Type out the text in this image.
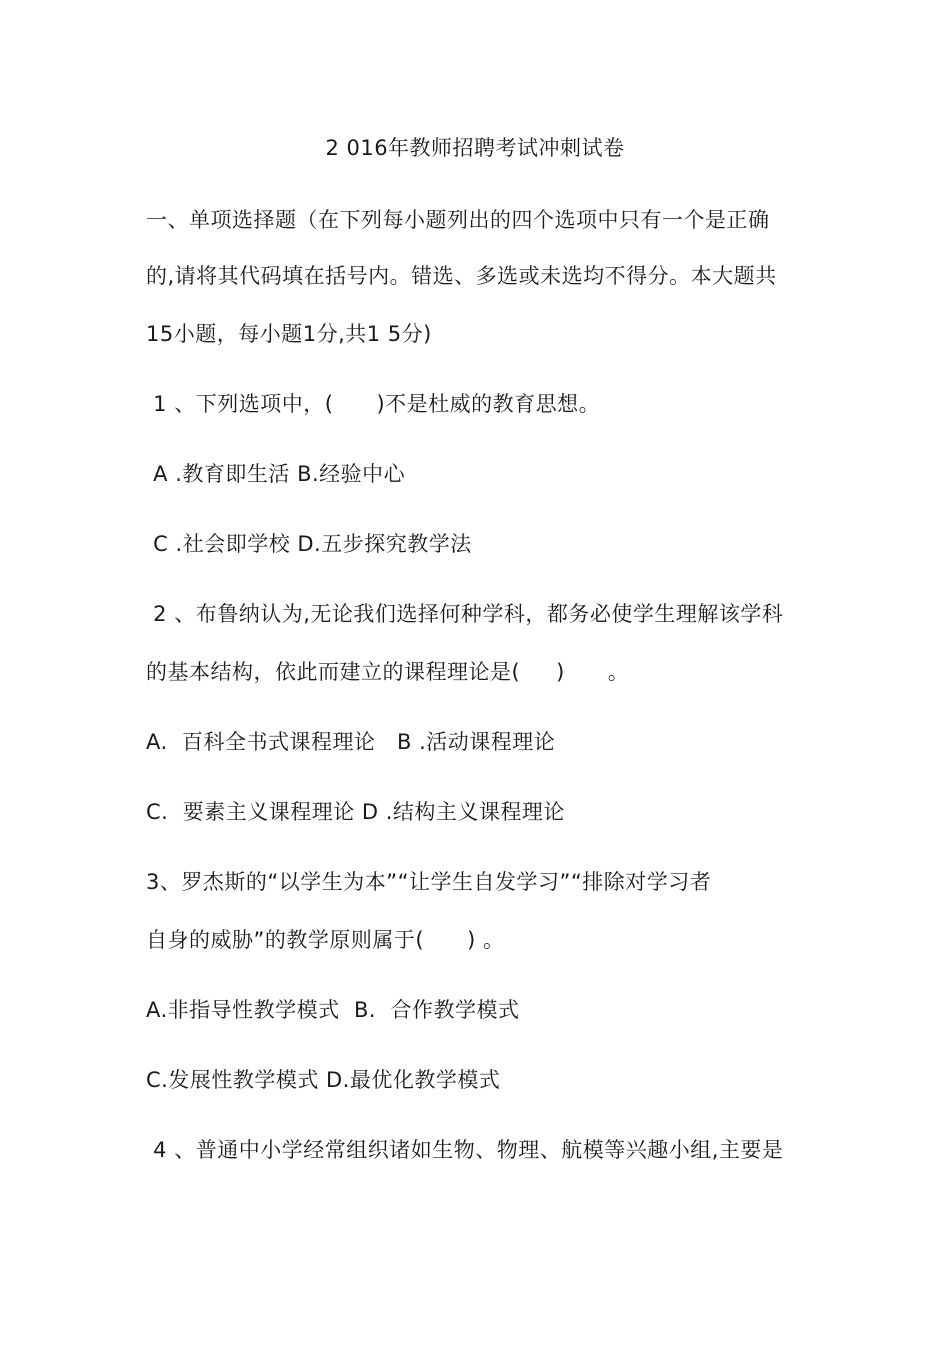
2 016年教师招聘考试冲刺试卷
一、单项选择题（在下列每小题列出的四个选项中只有一个是正确
的,请将其代码填在括号内。错选、多选或未选均不得分。本大题共
15小题，每小题1分,共1 5分)
1 、下列选项中，(      )不是杜威的教育思想。
A .教育即生活 B.经验中心
C .社会即学校 D.五步探究教学法
2 、布鲁纳认为,无论我们选择何种学科，都务必使学生理解该学科
的基本结构，依此而建立的课程理论是(     )      。
A.  百科全书式课程理论   B .活动课程理论
C.  要素主义课程理论 D .结构主义课程理论
3、罗杰斯的“以学生为本”“让学生自发学习”“排除对学习者
自身的威胁”的教学原则属于(      ) 。
A.非指导性教学模式  B.  合作教学模式
C.发展性教学模式 D.最优化教学模式
4 、普通中小学经常组织诸如生物、物理、航模等兴趣小组,主要是
